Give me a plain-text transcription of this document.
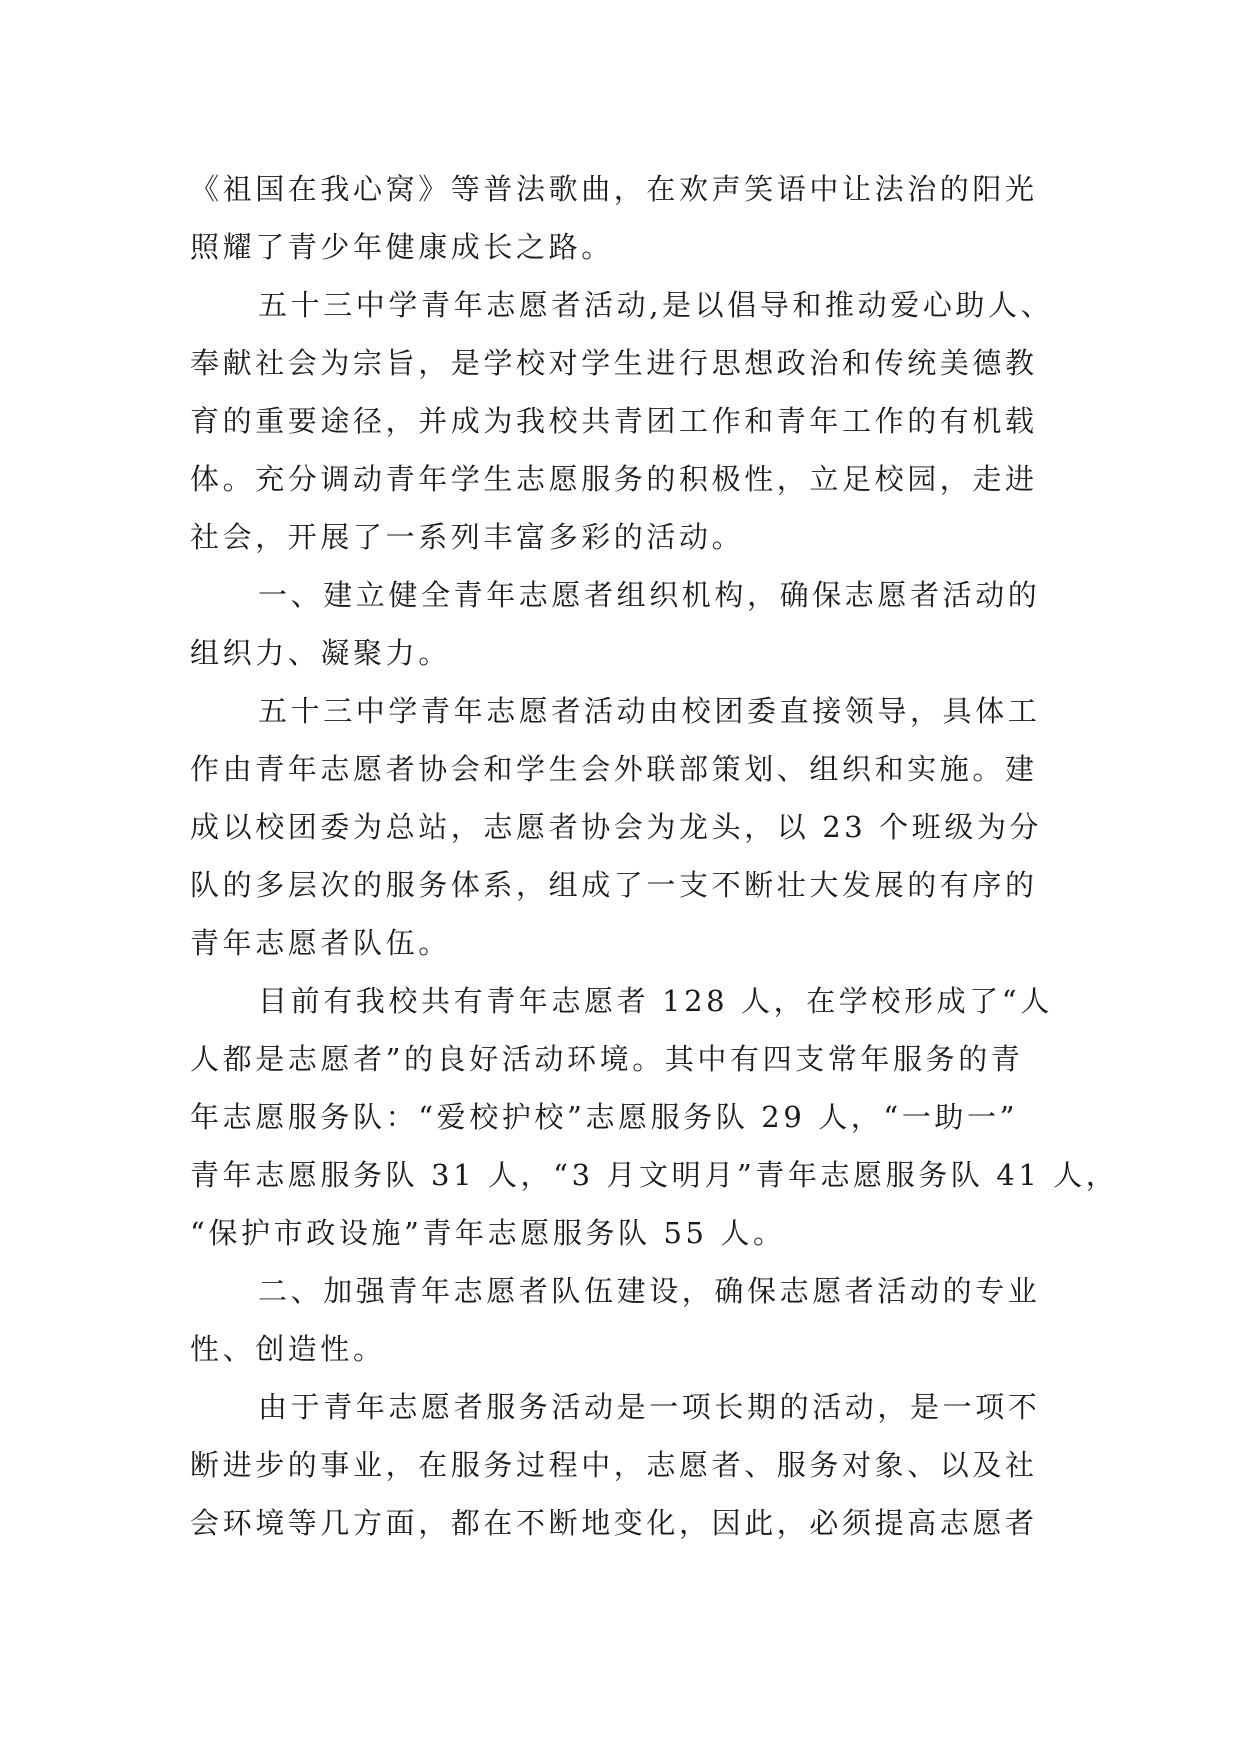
《祖国在我心窝》等普法歌曲，在欢声笑语中让法治的阳光
照耀了青少年健康成长之路。
五十三中学青年志愿者活动,是以倡导和推动爱心助人、
奉献社会为宗旨，是学校对学生进行思想政治和传统美德教
育的重要途径，并成为我校共青团工作和青年工作的有机载
体。充分调动青年学生志愿服务的积极性，立足校园，走进
社会，开展了一系列丰富多彩的活动。
一、建立健全青年志愿者组织机构，确保志愿者活动的
组织力、凝聚力。
五十三中学青年志愿者活动由校团委直接领导，具体工
作由青年志愿者协会和学生会外联部策划、组织和实施。建
成以校团委为总站，志愿者协会为龙头，以 23 个班级为分
队的多层次的服务体系，组成了一支不断壮大发展的有序的
青年志愿者队伍。
目前有我校共有青年志愿者 128 人，在学校形成了“人
人都是志愿者”的良好活动环境。其中有四支常年服务的青
年志愿服务队：“爱校护校”志愿服务队 29 人，“一助一”
青年志愿服务队 31 人，“3 月文明月”青年志愿服务队 41 人，
“保护市政设施”青年志愿服务队 55 人。
二、加强青年志愿者队伍建设，确保志愿者活动的专业
性、创造性。
由于青年志愿者服务活动是一项长期的活动，是一项不
断进步的事业，在服务过程中，志愿者、服务对象、以及社
会环境等几方面，都在不断地变化，因此，必须提高志愿者
